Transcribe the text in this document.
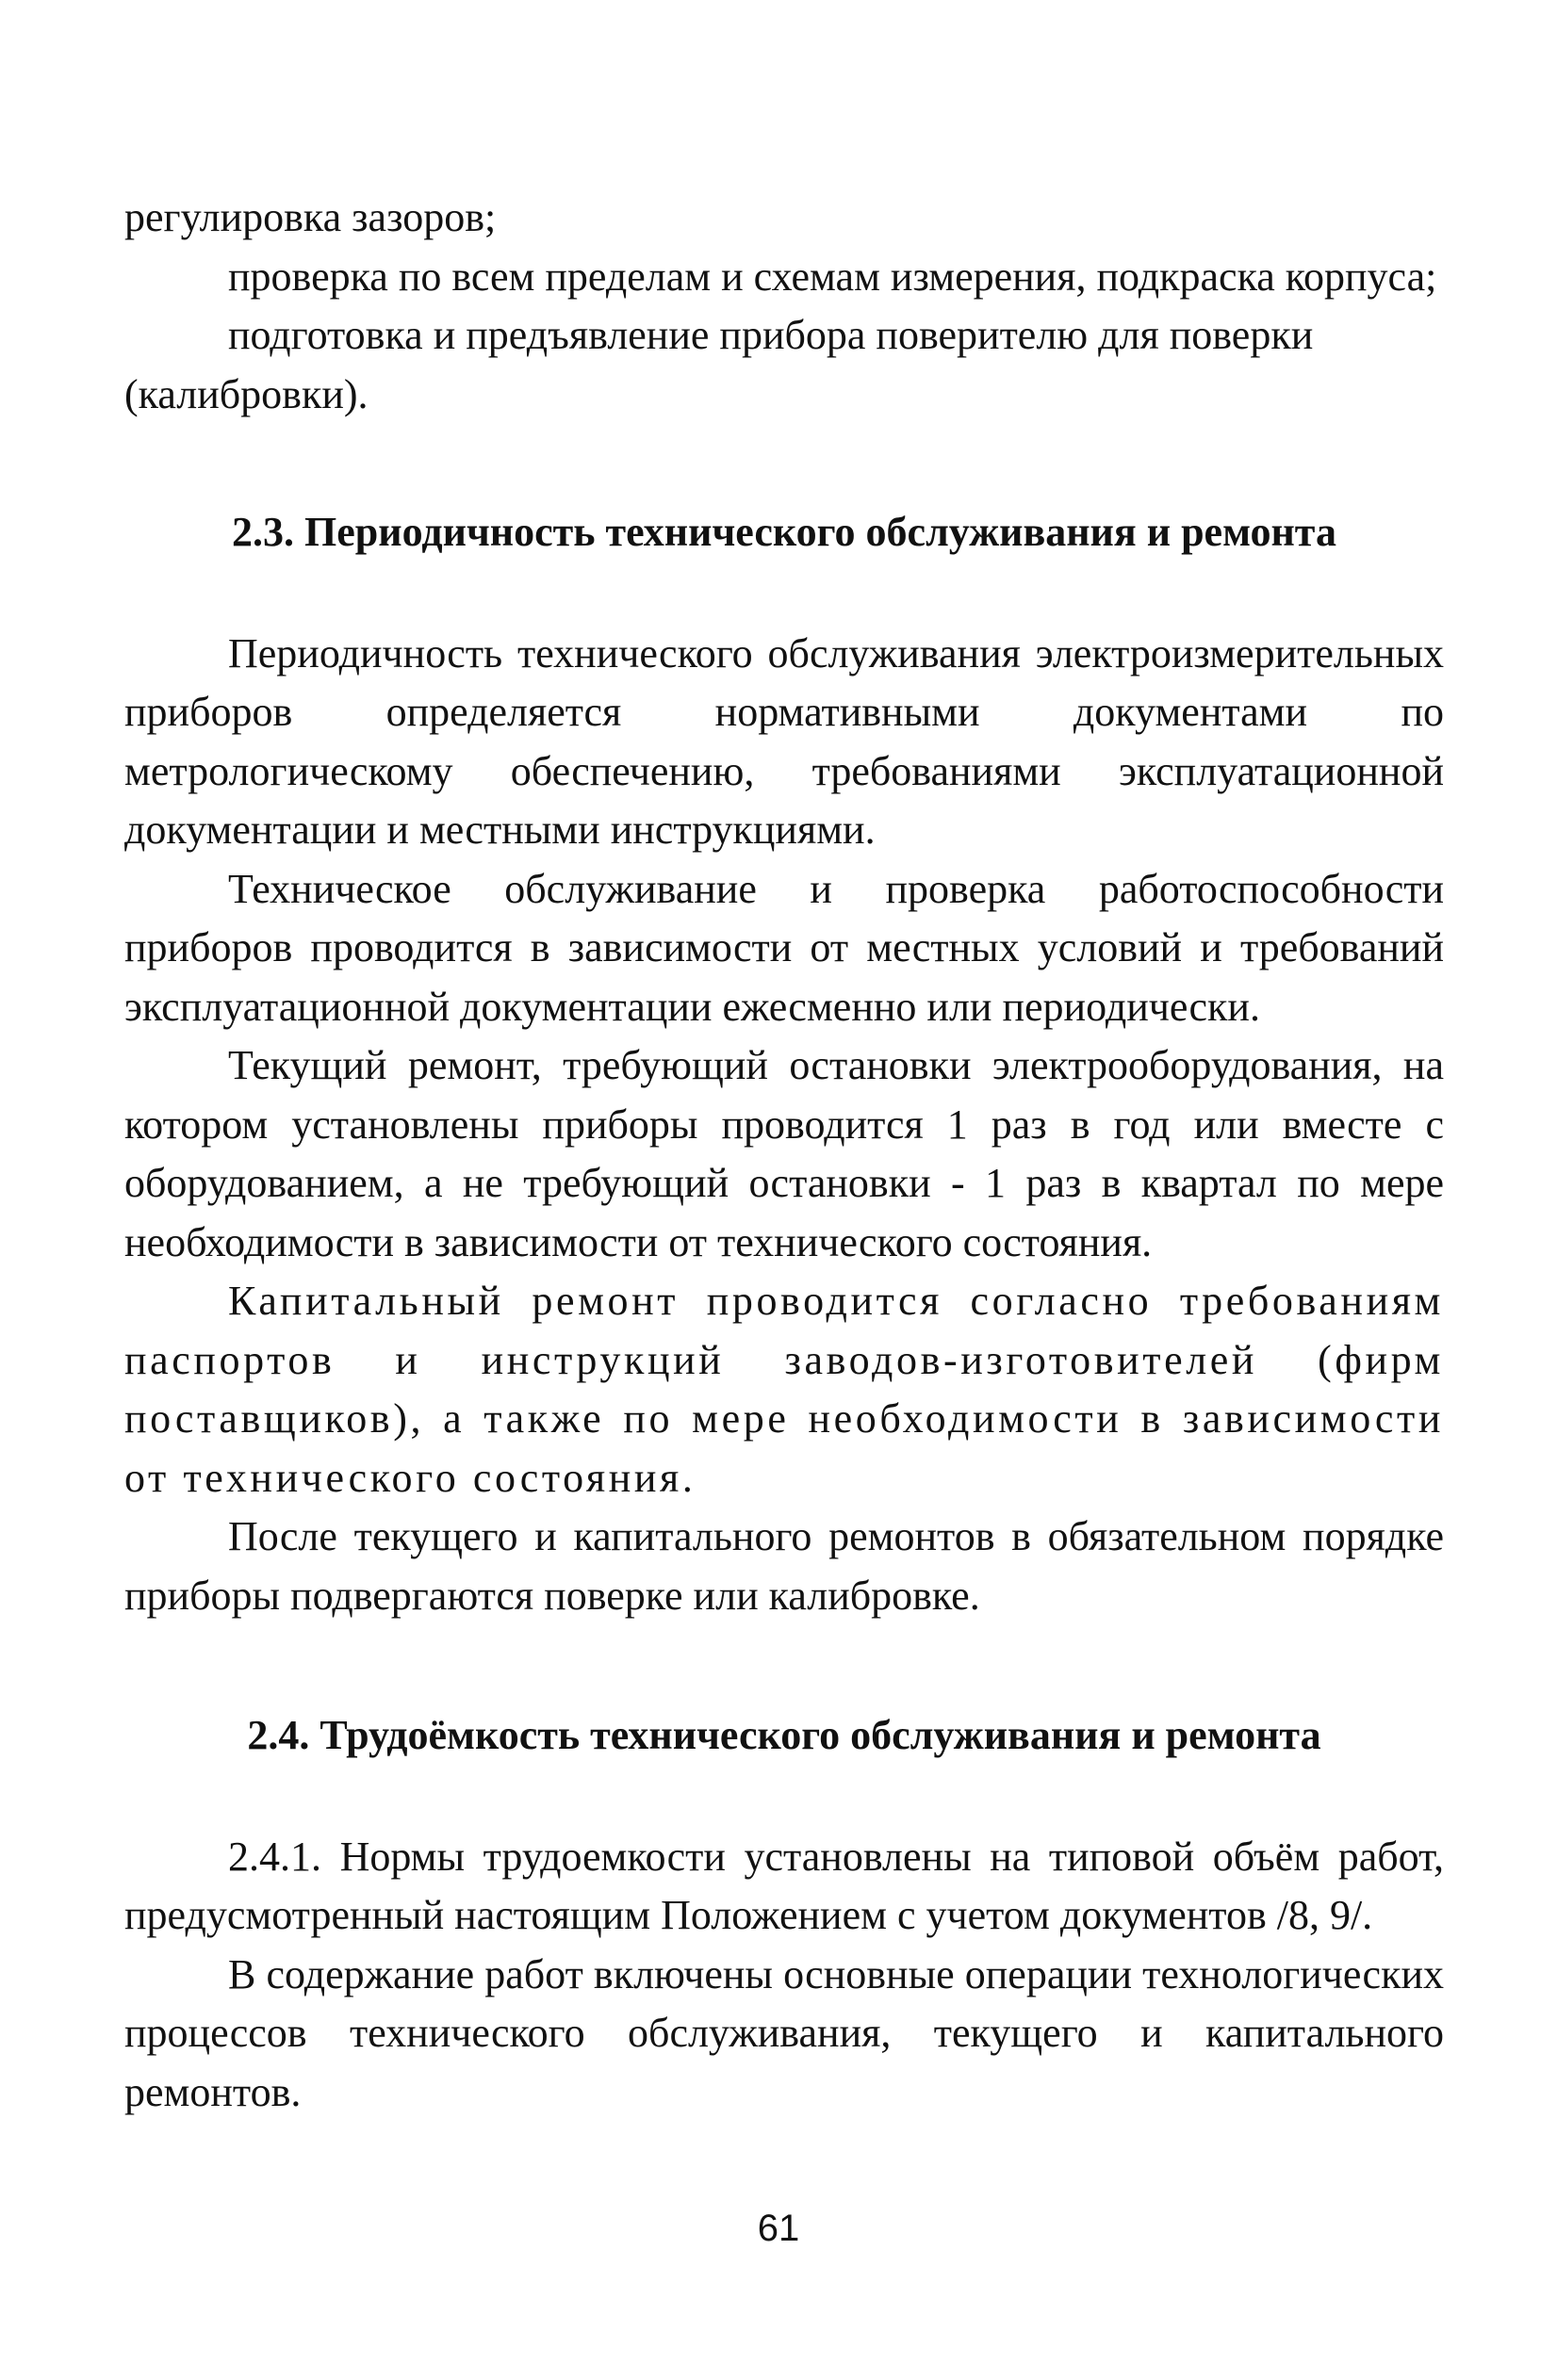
регулировка зазоров;

проверка по всем пределам и схемам измерения, подкраска корпуса;

подготовка и предъявление прибора поверителю для поверки (калибровки).

2.3. Периодичность технического обслуживания и ремонта

Периодичность технического обслуживания электроизмерительных приборов определяется нормативными документами по метрологическому обеспечению, требованиями эксплуатационной документации и местными инструкциями.

Техническое обслуживание и проверка работоспособности приборов проводится в зависимости от местных условий и требований эксплуатационной документации ежесменно или периодически.

Текущий ремонт, требующий остановки электрооборудования, на котором установлены приборы проводится 1 раз в год или вместе с оборудованием, а не требующий остановки - 1 раз в квартал по мере необходимости в зависимости от технического состояния.

Капитальный ремонт проводится согласно требованиям паспортов и инструкций заводов-изготовителей (фирм поставщиков), а также по мере необходимости в зависимости от технического состояния.

После текущего и капитального ремонтов в обязательном порядке приборы подвергаются поверке или калибровке.

2.4. Трудоёмкость технического обслуживания и ремонта

2.4.1. Нормы трудоемкости установлены на типовой объём работ, предусмотренный настоящим Положением с учетом документов /8, 9/.

В содержание работ включены основные операции технологических процессов технического обслуживания, текущего и капитального ремонтов.

61
